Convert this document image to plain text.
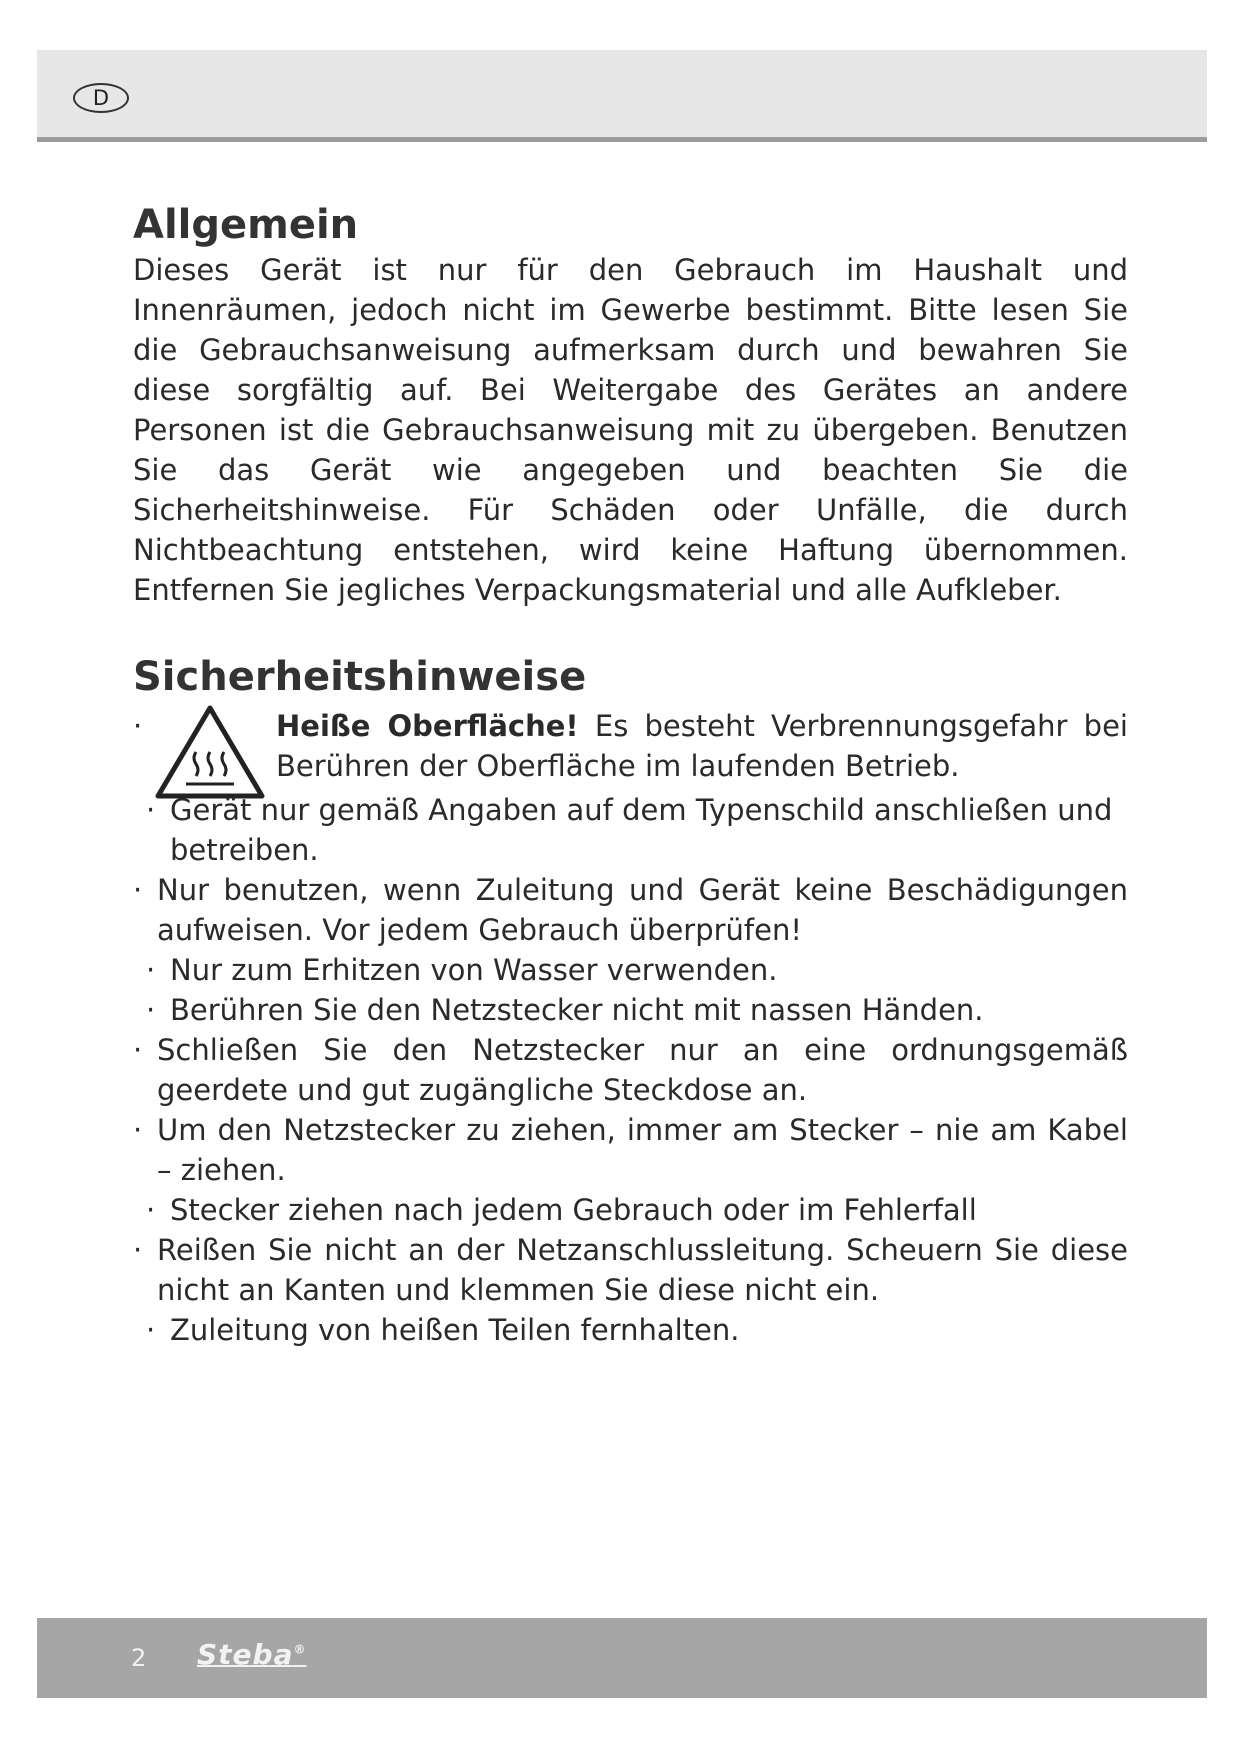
D
Allgemein

Dieses Gerät ist nur für den Gebrauch im Haushalt und Innenräumen, jedoch nicht im Gewerbe bestimmt. Bitte lesen Sie die Gebrauchsanweisung aufmerksam durch und bewahren Sie diese sorgfältig auf. Bei Weitergabe des Gerätes an andere Personen ist die Gebrauchsanweisung mit zu übergeben. Benutzen Sie das Gerät wie angegeben und beachten Sie die Sicherheitshinweise. Für Schäden oder Unfälle, die durch Nichtbeachtung entstehen, wird keine Haftung übernommen. Entfernen Sie jegliches Verpackungsmaterial und alle Aufkleber.

Sicherheitshinweise
·	Heiße Oberfläche! Es besteht Verbrennungsgefahr bei Berühren der Oberfläche im laufenden Betrieb.
· Gerät nur gemäß Angaben auf dem Typenschild anschließen und betreiben.
· Nur benutzen, wenn Zuleitung und Gerät keine Beschädigungen aufweisen. Vor jedem Gebrauch überprüfen!
· Nur zum Erhitzen von Wasser verwenden.
· Berühren Sie den Netzstecker nicht mit nassen Händen.
· Schließen Sie den Netzstecker nur an eine ordnungsgemäß geerdete und gut zugängliche Steckdose an.
· Um den Netzstecker zu ziehen, immer am Stecker – nie am Kabel – ziehen.
· Stecker ziehen nach jedem Gebrauch oder im Fehlerfall
· Reißen Sie nicht an der Netzanschlussleitung. Scheuern Sie diese nicht an Kanten und klemmen Sie diese nicht ein.
· Zuleitung von heißen Teilen fernhalten.
2 Steba®
